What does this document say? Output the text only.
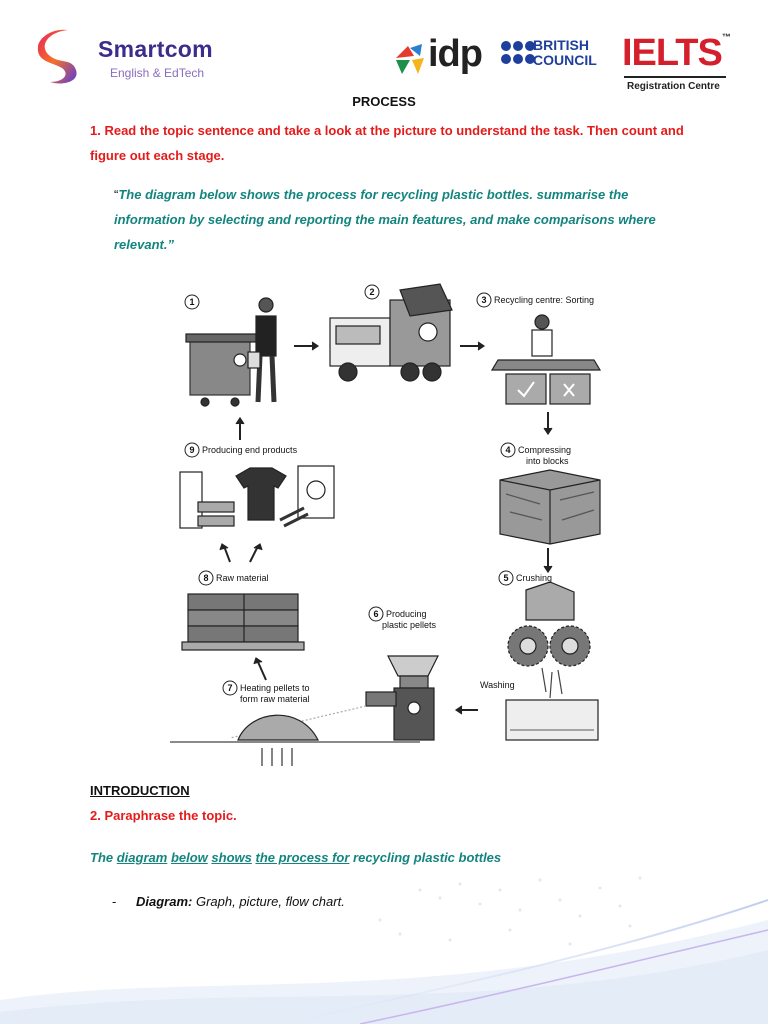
Smartcom
English & EdTech	idp	BRITISH
COUNCIL IELTS™
Registration Centre
PROCESS
1. Read the topic sentence and take a look at the picture to understand the task. Then count and figure out each stage.
“The diagram below shows the process for recycling plastic bottles. summarise the information by selecting and reporting the main features, and make comparisons where relevant.”
1
2
3
5
6
7
8
9	4
Recycling centre: Sorting
Compressing
into blocks
Crushing
Producing
plastic pellets
Heating pellets to
form raw material
Raw material
Producing end products
Washing
INTRODUCTION
2. Paraphrase the topic.
The diagram below shows the process for recycling plastic bottles
- Diagram: Graph, picture, flow chart.
